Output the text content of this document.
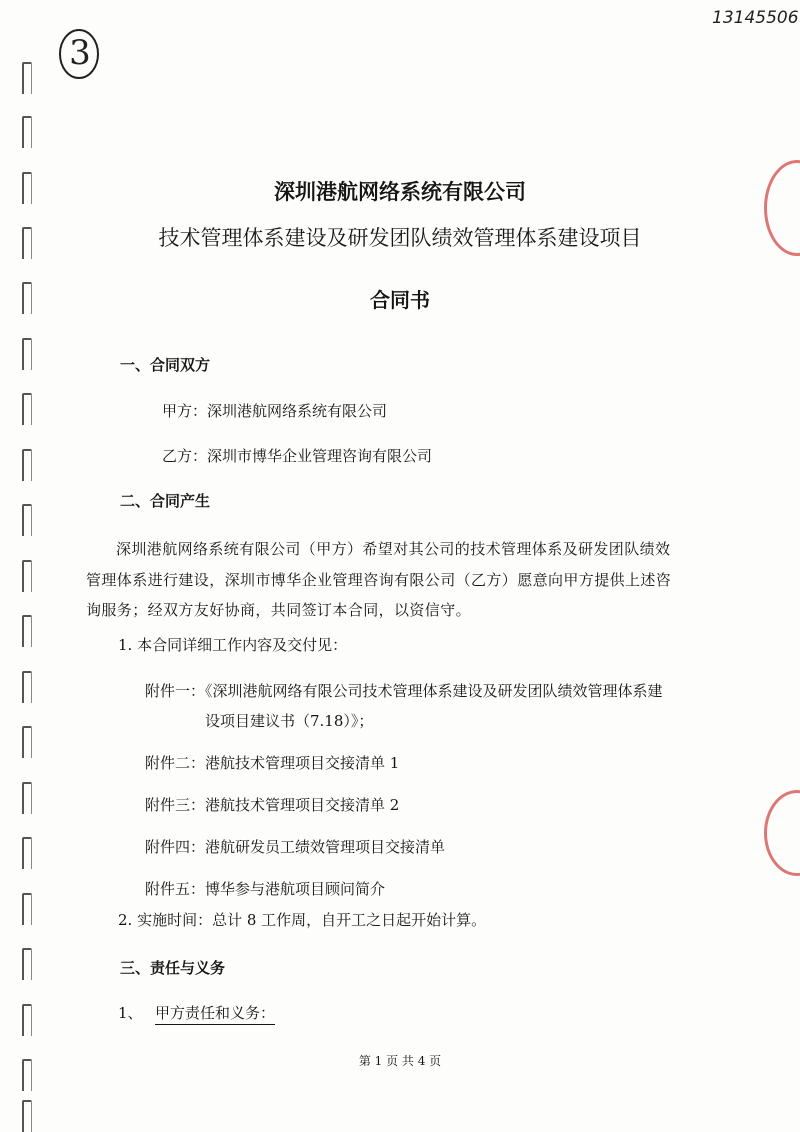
3
13145506
深圳港航网络系统有限公司
技术管理体系建设及研发团队绩效管理体系建设项目
合同书
一、合同双方
甲方：深圳港航网络系统有限公司
乙方：深圳市博华企业管理咨询有限公司
二、合同产生
深圳港航网络系统有限公司（甲方）希望对其公司的技术管理体系及研发团队绩效
管理体系进行建设，深圳市博华企业管理咨询有限公司（乙方）愿意向甲方提供上述咨
询服务；经双方友好协商，共同签订本合同，以资信守。
1. 本合同详细工作内容及交付见：
附件一：《深圳港航网络有限公司技术管理体系建设及研发团队绩效管理体系建
设项目建议书（7.18）》；
附件二：港航技术管理项目交接清单 1
附件三：港航技术管理项目交接清单 2
附件四：港航研发员工绩效管理项目交接清单
附件五：博华参与港航项目顾问简介
2. 实施时间：总计 8 工作周，自开工之日起开始计算。
三、责任与义务
1、 甲方责任和义务：
第 1 页 共 4 页
